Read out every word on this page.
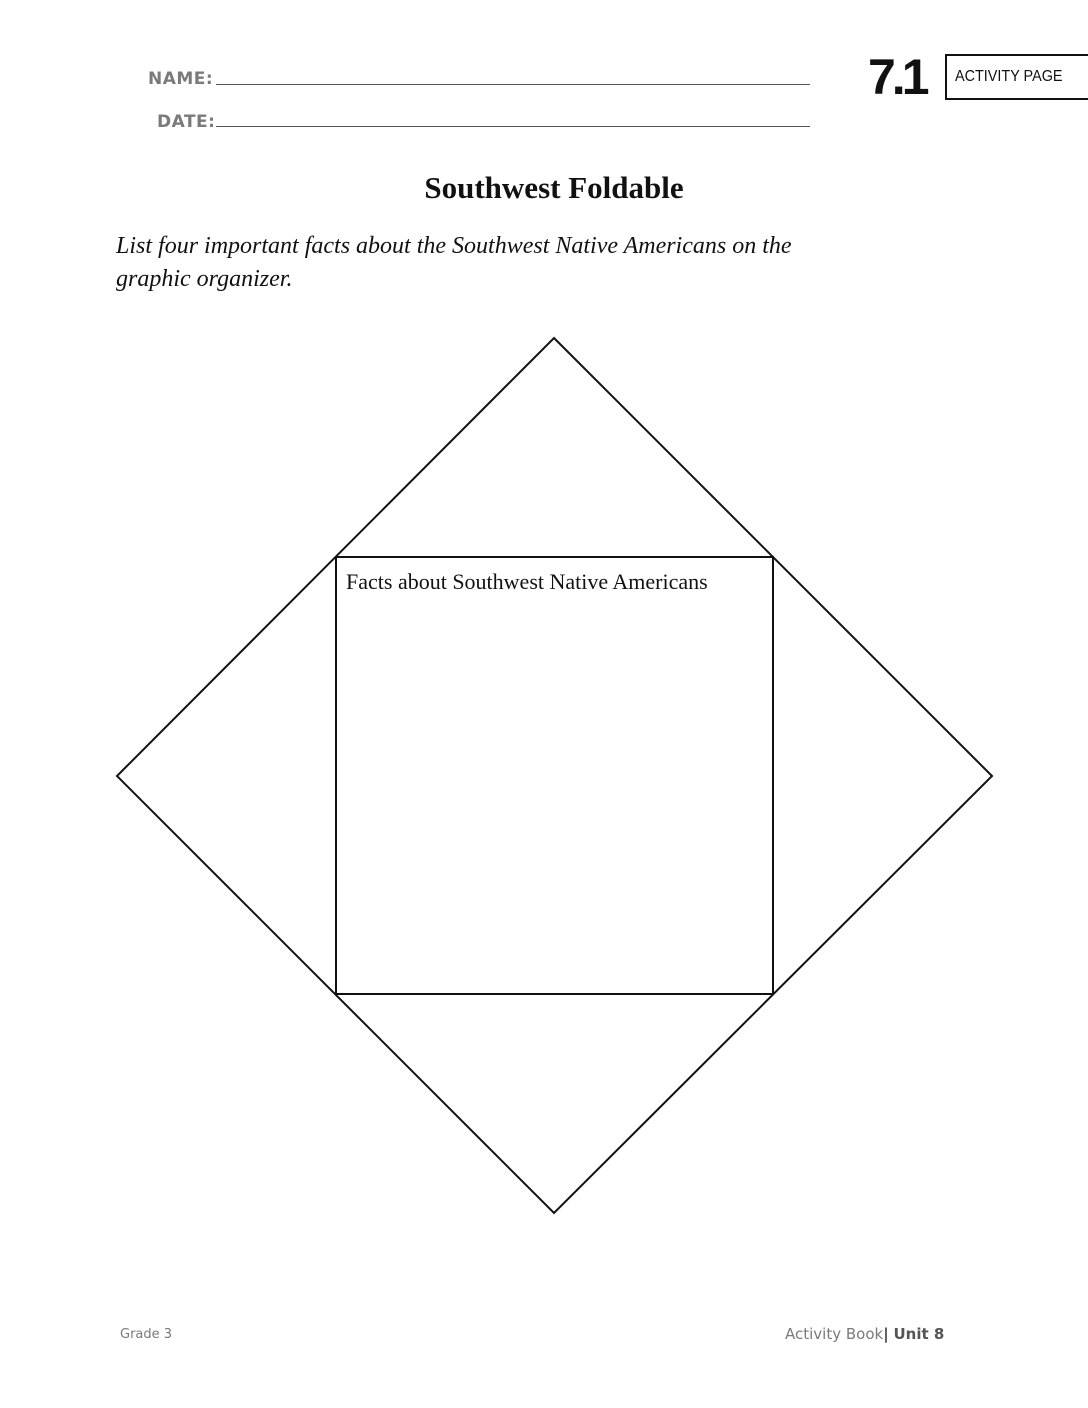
NAME:
DATE:
7.1 ACTIVITY PAGE
Southwest Foldable
List four important facts about the Southwest Native Americans on the graphic organizer.
Facts about Southwest Native Americans
Grade 3	Activity Book| Unit 8
